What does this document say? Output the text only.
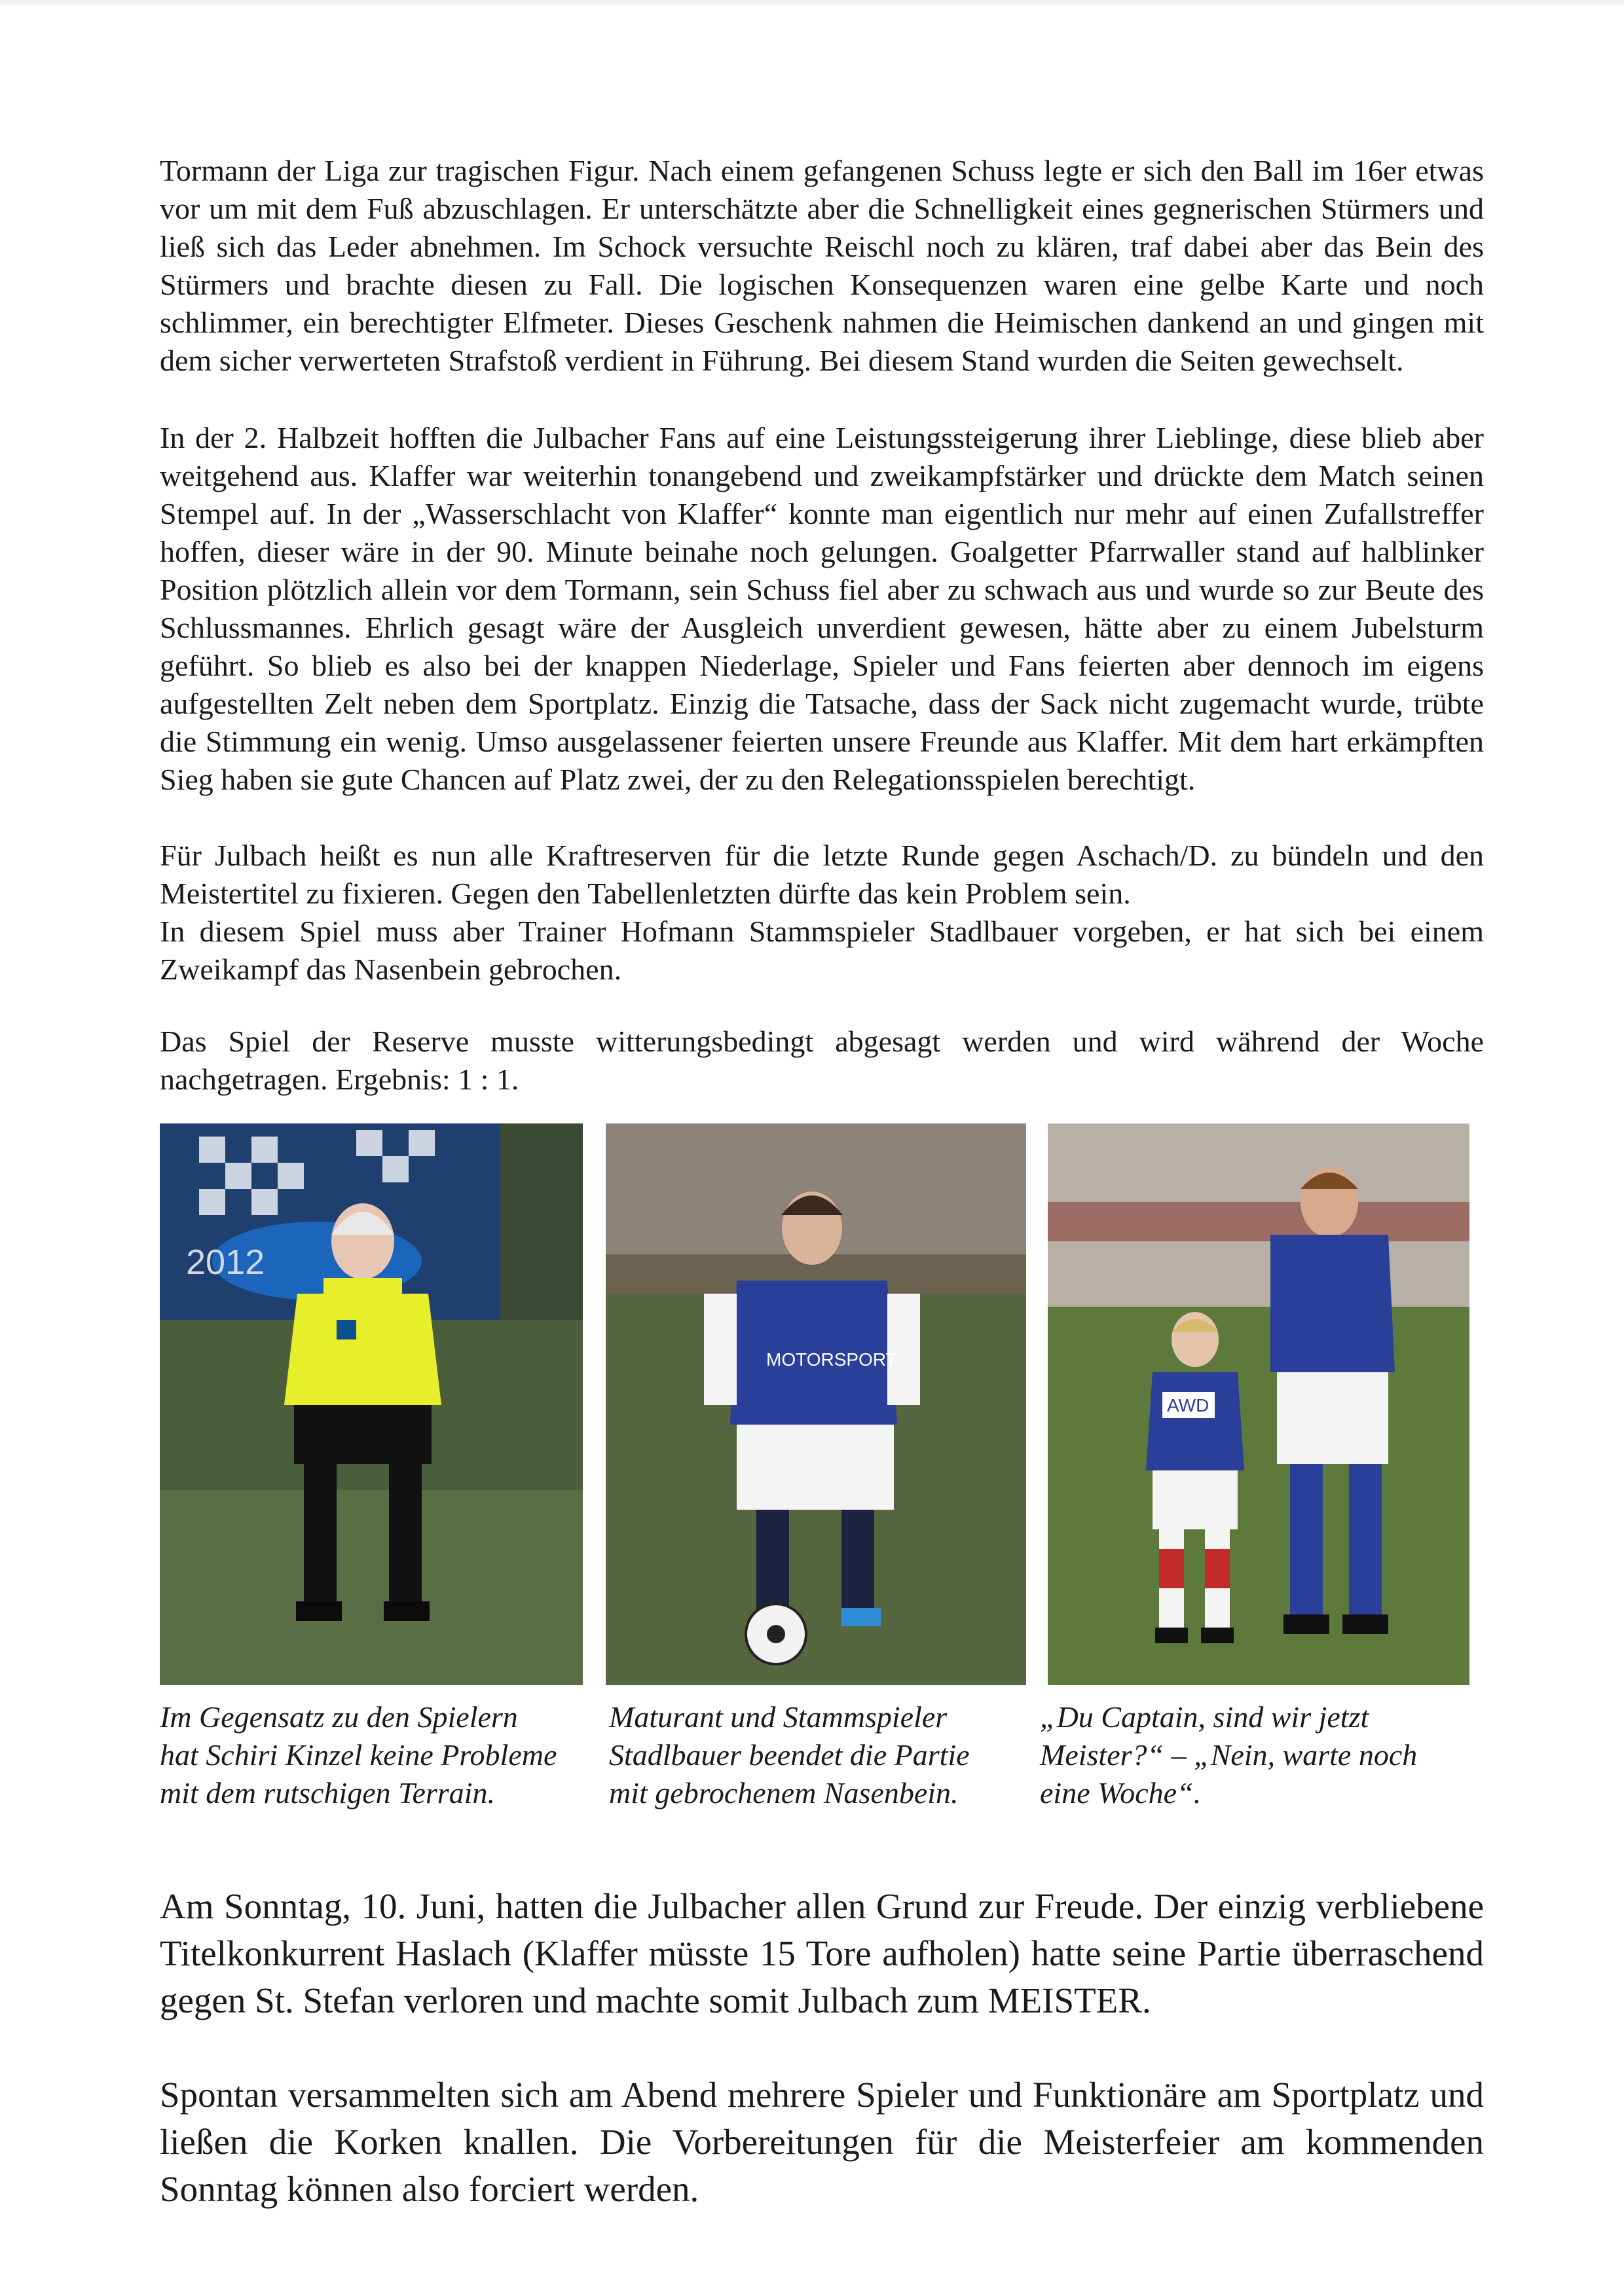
Tormann der Liga zur tragischen Figur. Nach einem gefangenen Schuss legte er sich den Ball im 16er etwas vor um mit dem Fuß abzuschlagen. Er unterschätzte aber die Schnelligkeit eines gegnerischen Stürmers und ließ sich das Leder abnehmen. Im Schock versuchte Reischl noch zu klären, traf dabei aber das Bein des Stürmers und brachte diesen zu Fall. Die logischen Konsequenzen waren eine gelbe Karte und noch schlimmer, ein berechtigter Elfmeter. Dieses Geschenk nahmen die Heimischen dankend an und gingen mit dem sicher verwerteten Strafstoß verdient in Führung. Bei diesem Stand wurden die Seiten gewechselt.

In der 2. Halbzeit hofften die Julbacher Fans auf eine Leistungssteigerung ihrer Lieblinge, diese blieb aber weitgehend aus. Klaffer war weiterhin tonangebend und zweikampfstärker und drückte dem Match seinen Stempel auf. In der „Wasserschlacht von Klaffer“ konnte man eigentlich nur mehr auf einen Zufallstreffer hoffen, dieser wäre in der 90. Minute beinahe noch gelungen. Goalgetter Pfarrwaller stand auf halblinker Position plötzlich allein vor dem Tormann, sein Schuss fiel aber zu schwach aus und wurde so zur Beute des Schlussmannes. Ehrlich gesagt wäre der Ausgleich unverdient gewesen, hätte aber zu einem Jubelsturm geführt. So blieb es also bei der knappen Niederlage, Spieler und Fans feierten aber dennoch im eigens aufgestellten Zelt neben dem Sportplatz. Einzig die Tatsache, dass der Sack nicht zugemacht wurde, trübte die Stimmung ein wenig. Umso ausgelassener feierten unsere Freunde aus Klaffer. Mit dem hart erkämpften Sieg haben sie gute Chancen auf Platz zwei, der zu den Relegationsspielen berechtigt.

Für Julbach heißt es nun alle Kraftreserven für die letzte Runde gegen Aschach/D. zu bündeln und den Meistertitel zu fixieren. Gegen den Tabellenletzten dürfte das kein Problem sein.

In diesem Spiel muss aber Trainer Hofmann Stammspieler Stadlbauer vorgeben, er hat sich bei einem Zweikampf das Nasenbein gebrochen.

Das Spiel der Reserve musste witterungsbedingt abgesagt werden und wird während der Woche nachgetragen. Ergebnis: 1 : 1.

2012
MOTORSPORT
AWD

Im Gegensatz zu den Spielern
hat Schiri Kinzel keine Probleme
mit dem rutschigen Terrain.

Maturant und Stammspieler
Stadlbauer beendet die Partie
mit gebrochenem Nasenbein.

„Du Captain, sind wir jetzt
Meister?“ – „Nein, warte noch
eine Woche“.

Am Sonntag, 10. Juni, hatten die Julbacher allen Grund zur Freude. Der einzig verbliebene Titelkonkurrent Haslach (Klaffer müsste 15 Tore aufholen) hatte seine Partie überraschend gegen St. Stefan verloren und machte somit Julbach zum MEISTER.

Spontan versammelten sich am Abend mehrere Spieler und Funktionäre am Sportplatz und ließen die Korken knallen. Die Vorbereitungen für die Meisterfeier am kommenden Sonntag können also forciert werden.
